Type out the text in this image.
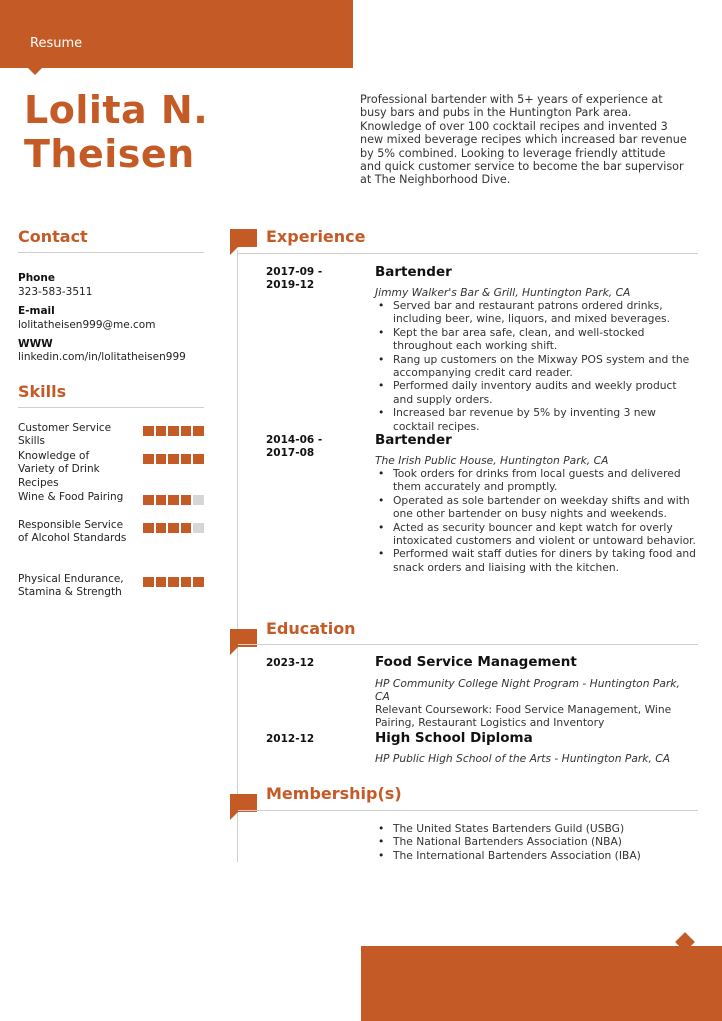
Resume
Lolita N.
Theisen
Professional bartender with 5+ years of experience at busy bars and pubs in the Huntington Park area. Knowledge of over 100 cocktail recipes and invented 3 new mixed beverage recipes which increased bar revenue by 5% combined. Looking to leverage friendly attitude and quick customer service to become the bar supervisor at The Neighborhood Dive.
Contact
Phone
323-583-3511
E-mail
lolitatheisen999@me.com
WWW
linkedin.com/in/lolitatheisen999
Skills
Customer Service Skills
Knowledge of Variety of Drink Recipes
Wine & Food Pairing
Responsible Service of Alcohol Standards
Physical Endurance, Stamina & Strength
Experience
2017-09 -
2019-12
Bartender
Jimmy Walker's Bar & Grill, Huntington Park, CA
• Served bar and restaurant patrons ordered drinks, including beer, wine, liquors, and mixed beverages.
• Kept the bar area safe, clean, and well-stocked throughout each working shift.
• Rang up customers on the Mixway POS system and the accompanying credit card reader.
• Performed daily inventory audits and weekly product and supply orders.
• Increased bar revenue by 5% by inventing 3 new cocktail recipes.
2014-06 -
2017-08
Bartender
The Irish Public House, Huntington Park, CA
• Took orders for drinks from local guests and delivered them accurately and promptly.
• Operated as sole bartender on weekday shifts and with one other bartender on busy nights and weekends.
• Acted as security bouncer and kept watch for overly intoxicated customers and violent or untoward behavior.
• Performed wait staff duties for diners by taking food and snack orders and liaising with the kitchen.
Education
2023-12	Food Service Management
HP Community College Night Program - Huntington Park, CA
Relevant Coursework: Food Service Management, Wine Pairing, Restaurant Logistics and Inventory
2012-12	High School Diploma
HP Public High School of the Arts - Huntington Park, CA
Membership(s)
• The United States Bartenders Guild (USBG)
• The National Bartenders Association (NBA)
• The International Bartenders Association (IBA)
